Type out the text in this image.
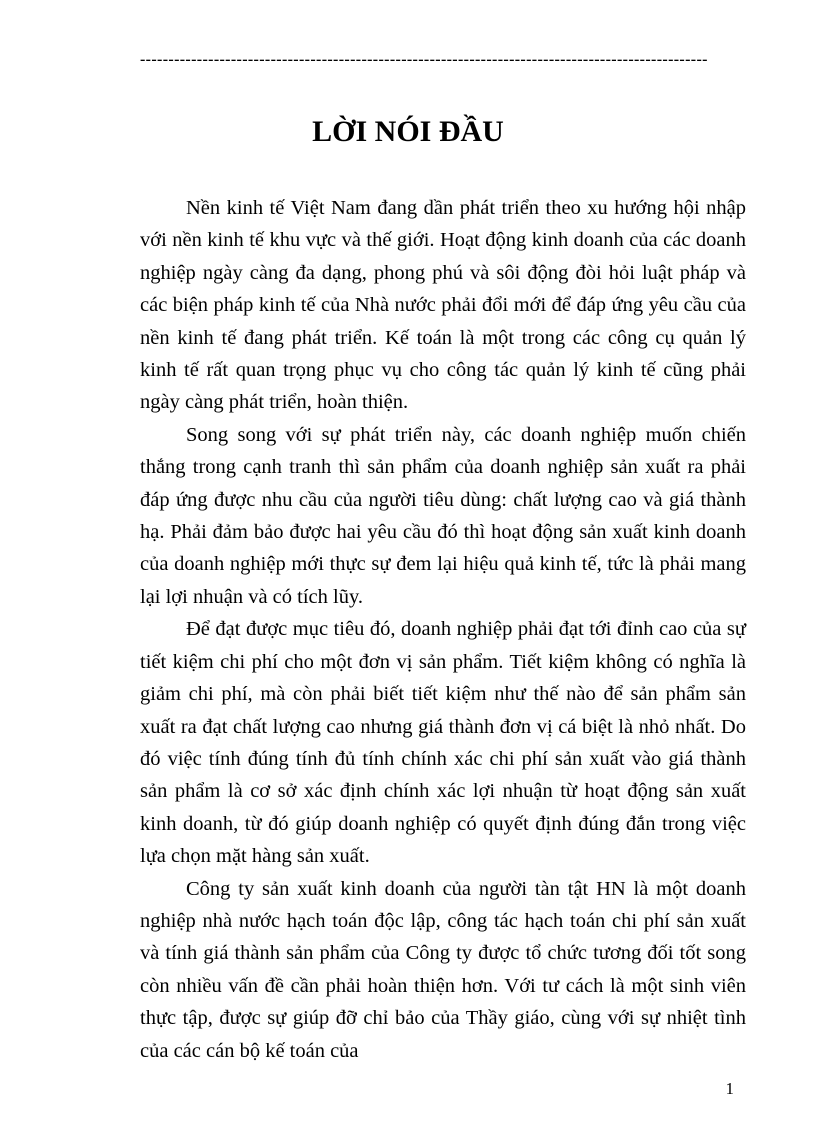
----------------------------------------------------------------------------------------------------
LỜI NÓI ĐẦU

Nền kinh tế Việt Nam đang dần phát triển theo xu hướng hội nhập với nền kinh tế khu vực và thế giới. Hoạt động kinh doanh của các doanh nghiệp ngày càng đa dạng, phong phú và sôi động đòi hỏi luật pháp và các biện pháp kinh tế của Nhà nước phải đổi mới để đáp ứng yêu cầu của nền kinh tế đang phát triển. Kế toán là một trong các công cụ quản lý kinh tế rất quan trọng phục vụ cho công tác quản lý kinh tế cũng phải ngày càng phát triển, hoàn thiện.

Song song với sự phát triển này, các doanh nghiệp muốn chiến thắng trong cạnh tranh thì sản phẩm của doanh nghiệp sản xuất ra phải đáp ứng được nhu cầu của người tiêu dùng: chất lượng cao và giá thành hạ. Phải đảm bảo được hai yêu cầu đó thì hoạt động sản xuất kinh doanh của doanh nghiệp mới thực sự đem lại hiệu quả kinh tế, tức là phải mang lại lợi nhuận và có tích lũy.

Để đạt được mục tiêu đó, doanh nghiệp phải đạt tới đỉnh cao của sự tiết kiệm chi phí cho một đơn vị sản phẩm. Tiết kiệm không có nghĩa là giảm chi phí, mà còn phải biết tiết kiệm như thế nào để sản phẩm sản xuất ra đạt chất lượng cao nhưng giá thành đơn vị cá biệt là nhỏ nhất. Do đó việc tính đúng tính đủ tính chính xác chi phí sản xuất vào giá thành sản phẩm là cơ sở xác định chính xác lợi nhuận từ hoạt động sản xuất kinh doanh, từ đó giúp doanh nghiệp có quyết định đúng đắn trong việc lựa chọn mặt hàng sản xuất.

Công ty sản xuất kinh doanh của người tàn tật HN là một doanh nghiệp nhà nước hạch toán độc lập, công tác hạch toán chi phí sản xuất và tính giá thành sản phẩm của Công ty được tổ chức tương đối tốt song còn nhiều vấn đề cần phải hoàn thiện hơn. Với tư cách là một sinh viên thực tập, được sự giúp đỡ chỉ bảo của Thầy giáo, cùng với sự nhiệt tình của các cán bộ kế toán của

1
